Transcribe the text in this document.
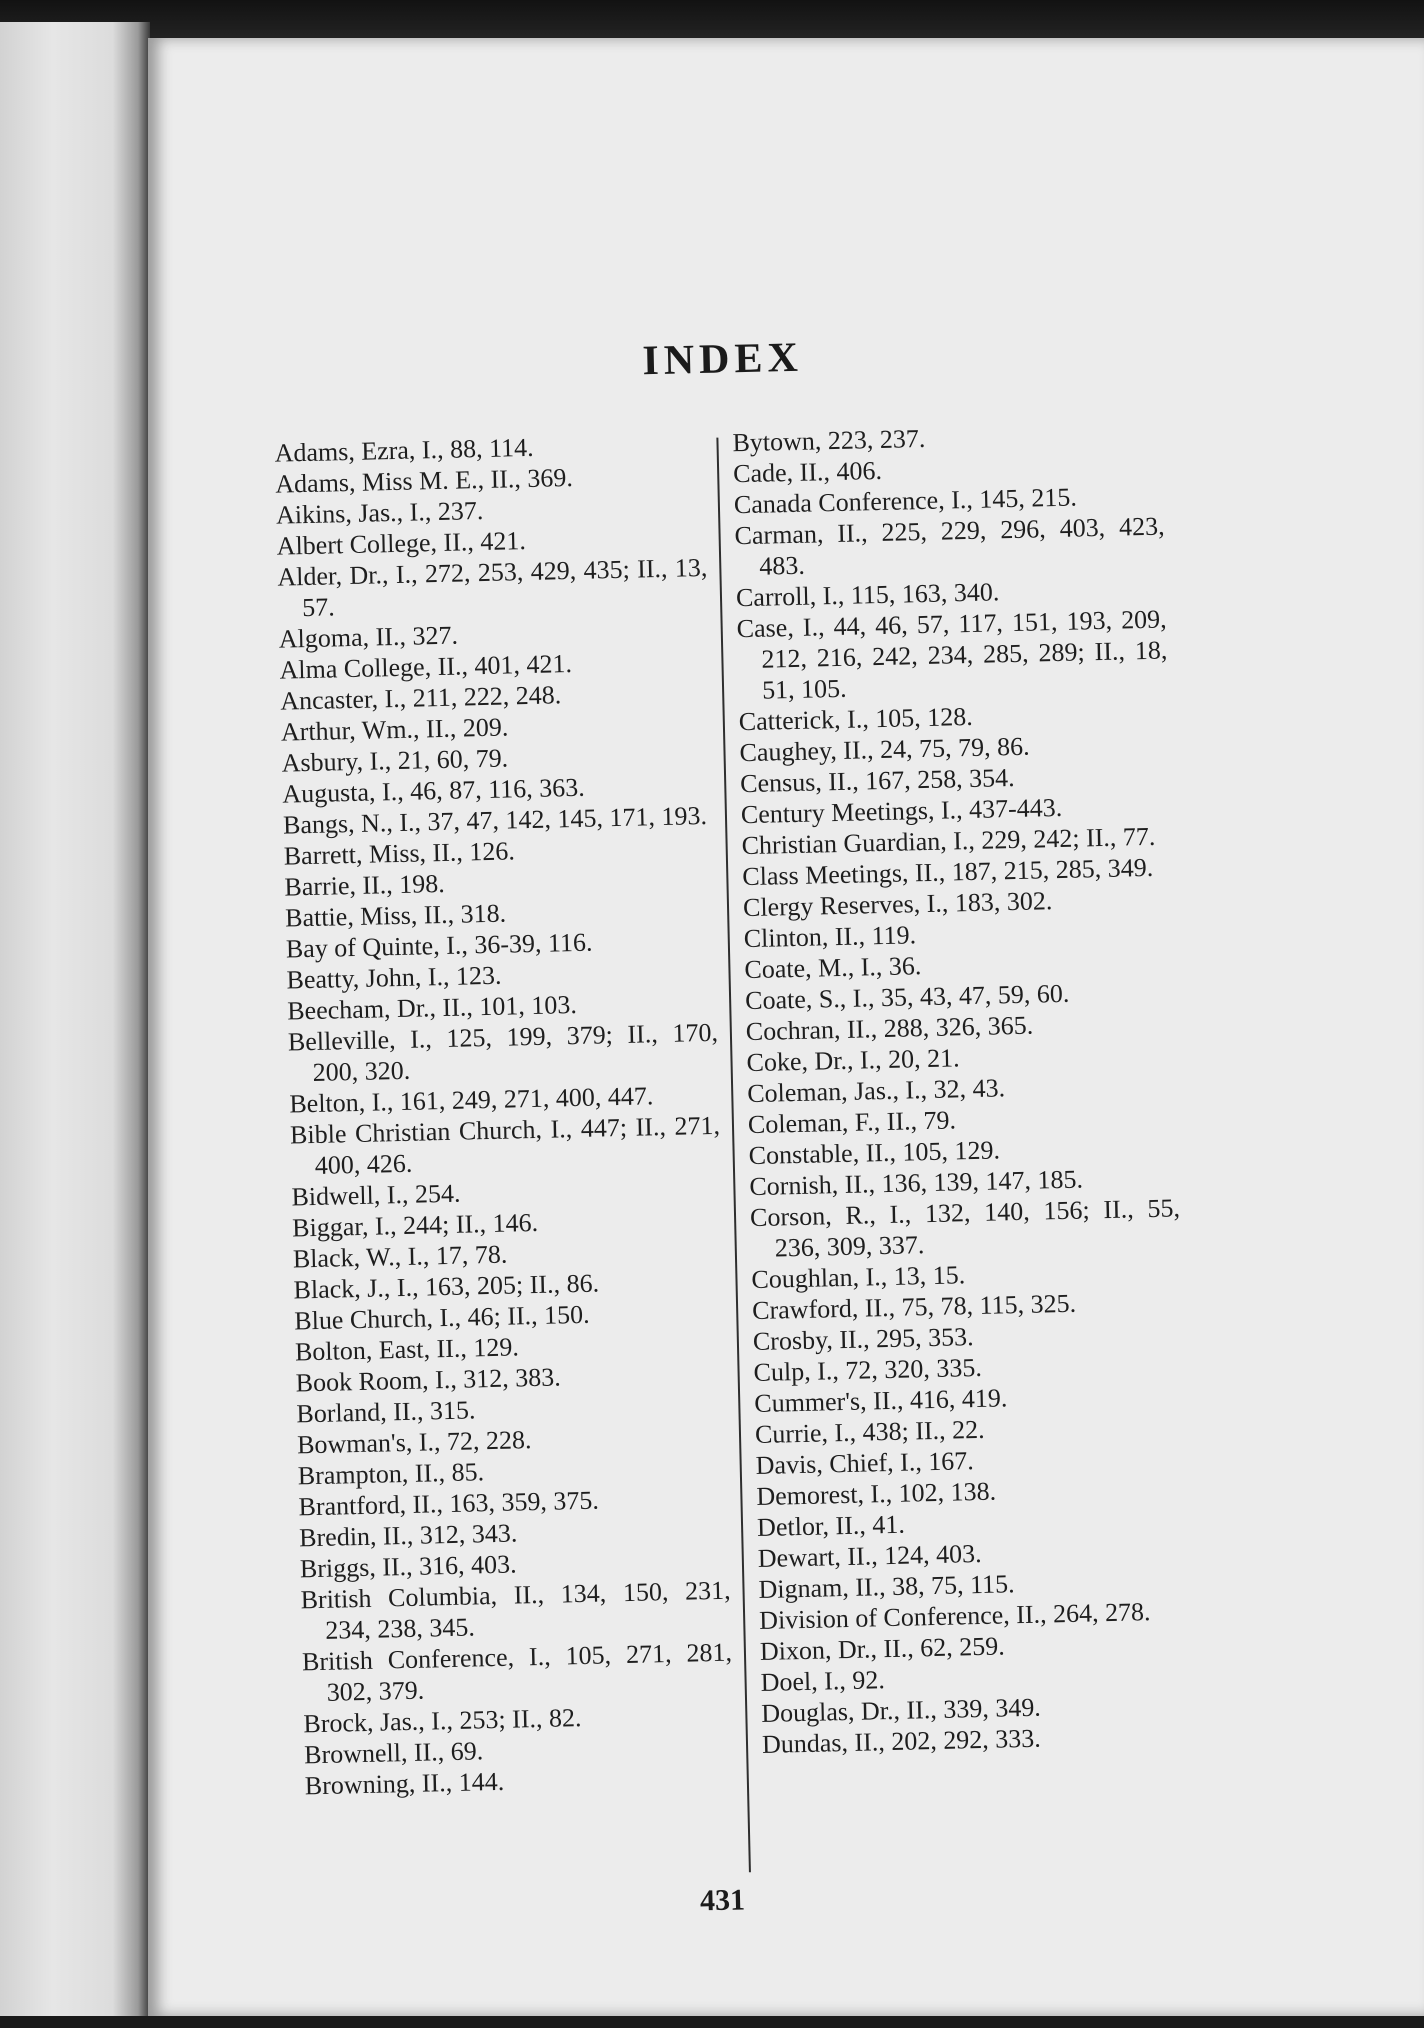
INDEX
Adams, Ezra, I., 88, 114.
Adams, Miss M. E., II., 369.
Aikins, Jas., I., 237.
Albert College, II., 421.
Alder, Dr., I., 272, 253, 429, 435; II., 13, 57.
Algoma, II., 327.
Alma College, II., 401, 421.
Ancaster, I., 211, 222, 248.
Arthur, Wm., II., 209.
Asbury, I., 21, 60, 79.
Augusta, I., 46, 87, 116, 363.
Bangs, N., I., 37, 47, 142, 145, 171, 193.
Barrett, Miss, II., 126.
Barrie, II., 198.
Battie, Miss, II., 318.
Bay of Quinte, I., 36-39, 116.
Beatty, John, I., 123.
Beecham, Dr., II., 101, 103.
Belleville, I., 125, 199, 379; II., 170, 200, 320.
Belton, I., 161, 249, 271, 400, 447.
Bible Christian Church, I., 447; II., 271, 400, 426.
Bidwell, I., 254.
Biggar, I., 244; II., 146.
Black, W., I., 17, 78.
Black, J., I., 163, 205; II., 86.
Blue Church, I., 46; II., 150.
Bolton, East, II., 129.
Book Room, I., 312, 383.
Borland, II., 315.
Bowman's, I., 72, 228.
Brampton, II., 85.
Brantford, II., 163, 359, 375.
Bredin, II., 312, 343.
Briggs, II., 316, 403.
British Columbia, II., 134, 150, 231, 234, 238, 345.
British Conference, I., 105, 271, 281, 302, 379.
Brock, Jas., I., 253; II., 82.
Brownell, II., 69.
Browning, II., 144.
Bytown, 223, 237.
Cade, II., 406.
Canada Conference, I., 145, 215.
Carman, II., 225, 229, 296, 403, 423, 483.
Carroll, I., 115, 163, 340.
Case, I., 44, 46, 57, 117, 151, 193, 209, 212, 216, 242, 234, 285, 289; II., 18, 51, 105.
Catterick, I., 105, 128.
Caughey, II., 24, 75, 79, 86.
Census, II., 167, 258, 354.
Century Meetings, I., 437-443.
Christian Guardian, I., 229, 242; II., 77.
Class Meetings, II., 187, 215, 285, 349.
Clergy Reserves, I., 183, 302.
Clinton, II., 119.
Coate, M., I., 36.
Coate, S., I., 35, 43, 47, 59, 60.
Cochran, II., 288, 326, 365.
Coke, Dr., I., 20, 21.
Coleman, Jas., I., 32, 43.
Coleman, F., II., 79.
Constable, II., 105, 129.
Cornish, II., 136, 139, 147, 185.
Corson, R., I., 132, 140, 156; II., 55, 236, 309, 337.
Coughlan, I., 13, 15.
Crawford, II., 75, 78, 115, 325.
Crosby, II., 295, 353.
Culp, I., 72, 320, 335.
Cummer's, II., 416, 419.
Currie, I., 438; II., 22.
Davis, Chief, I., 167.
Demorest, I., 102, 138.
Detlor, II., 41.
Dewart, II., 124, 403.
Dignam, II., 38, 75, 115.
Division of Conference, II., 264, 278.
Dixon, Dr., II., 62, 259.
Doel, I., 92.
Douglas, Dr., II., 339, 349.
Dundas, II., 202, 292, 333.
431
